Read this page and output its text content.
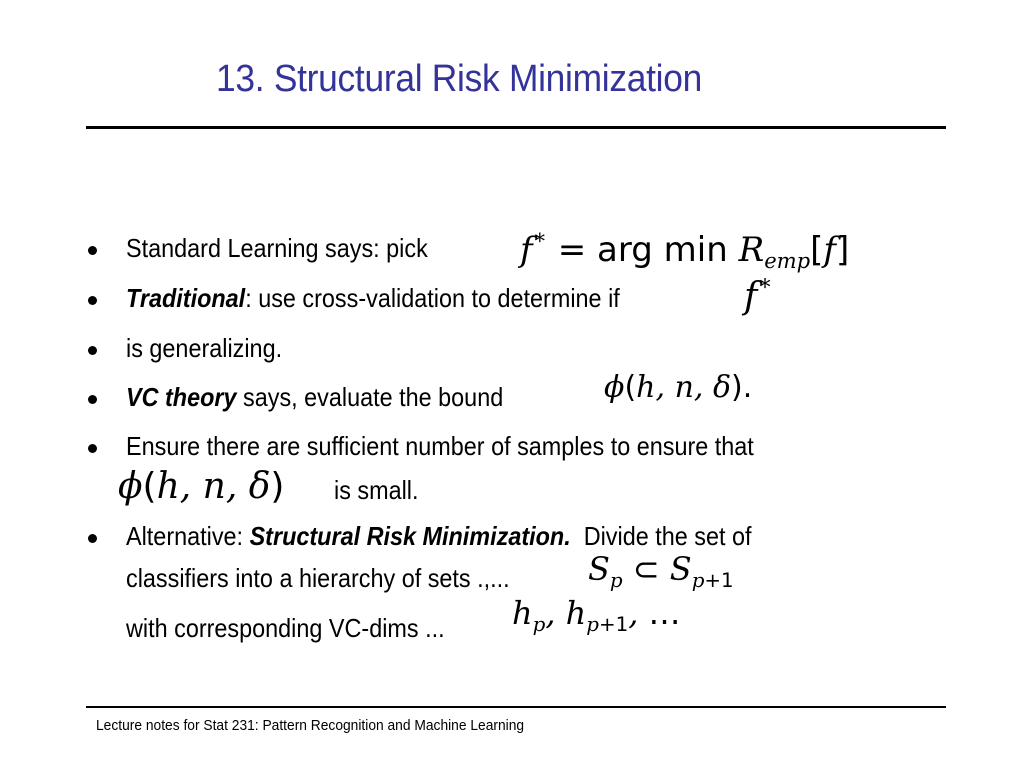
13. Structural Risk Minimization
Standard Learning says: pick	f∗ = arg $\min R_{emp}[f]$
Traditional: use cross-validation to determine if	f∗
is generalizing.
VC theory says, evaluate the bound	ϕ(h, n, δ).
Ensure there are sufficient number of samples to ensure that
ϕ(h, n, δ) is small.
Alternative: Structural Risk Minimization.  Divide the set of
classifiers into a hierarchy of sets .,... $S_p$ ⊂ $S_{p+1}$
with corresponding VC-dims ... $h_p$, $h_{p+1}$, …
Lecture notes for Stat 231: Pattern Recognition and Machine Learning
